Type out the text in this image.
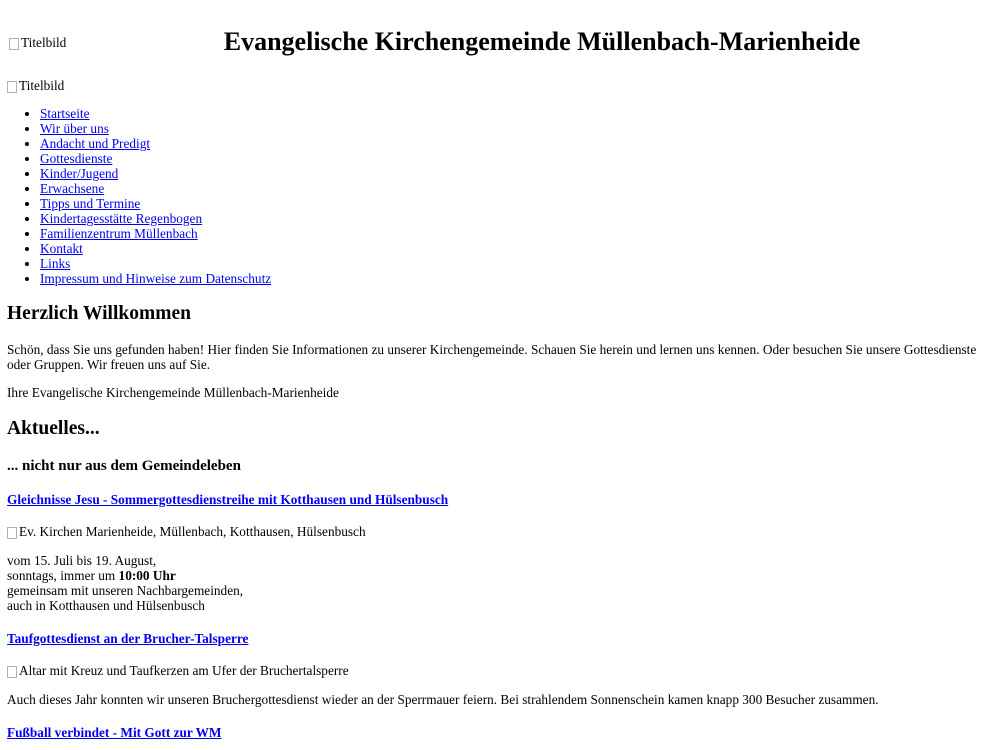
Titelbild	Evangelische Kirchengemeinde Müllenbach-Marienheide
Titelbild
• Startseite
• Wir über uns
• Andacht und Predigt
• Gottesdienste
• Kinder/Jugend
• Erwachsene
• Tipps und Termine
• Kindertagesstätte Regenbogen
• Familienzentrum Müllenbach
• Kontakt
• Links
• Impressum und Hinweise zum Datenschutz
Herzlich Willkommen

Schön, dass Sie uns gefunden haben! Hier finden Sie Informationen zu unserer Kirchengemeinde. Schauen Sie herein und lernen uns kennen. Oder besuchen Sie unsere Gottesdienste oder Gruppen. Wir freuen uns auf Sie.

Ihre Evangelische Kirchengemeinde Müllenbach-Marienheide

Aktuelles...
... nicht nur aus dem Gemeindeleben
Gleichnisse Jesu - Sommergottesdienstreihe mit Kotthausen und Hülsenbusch
Ev. Kirchen Marienheide, Müllenbach, Kotthausen, Hülsenbusch

vom 15. Juli bis 19. August,
sonntags, immer um 10:00 Uhr
gemeinsam mit unseren Nachbargemeinden,
auch in Kotthausen und Hülsenbusch

Taufgottesdienst an der Brucher-Talsperre
Altar mit Kreuz und Taufkerzen am Ufer der Bruchertalsperre

Auch dieses Jahr konnten wir unseren Bruchergottesdienst wieder an der Sperrmauer feiern. Bei strahlendem Sonnenschein kamen knapp 300 Besucher zusammen.

Fußball verbindet - Mit Gott zur WM
